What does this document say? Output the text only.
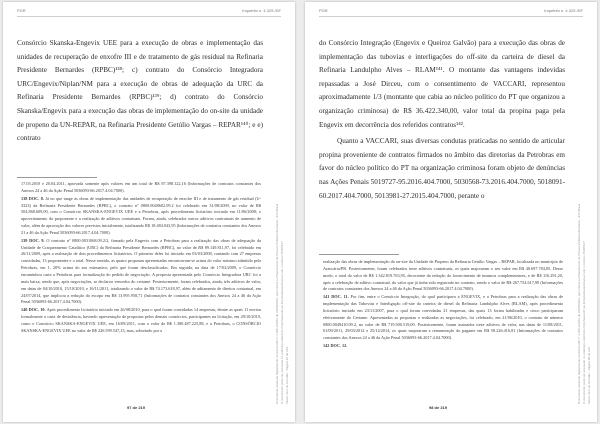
PGR	Inquérito n. 4.325 /DF

Consórcio Skanska-Engevix UEE para a execução de obras e implementação das unidades de recuperação de enxofre III e de tratamento de gás residual na Refinaria Presidente Bernardes (RPBC)¹³⁸; c) contrato do Consórcio Integradora URC/Engevix/Niplan/NM para a execução de obras de adequação da URC da Refinaria Presidente Bernardes (RPBC)¹³⁹; d) contrato do Consórcio Skanska/Engevix para a execução das obras de implementação do on-site da unidade de propeno da UN-REPAR, na Refinaria Presidente Getúlio Vargas – REPAR¹⁴⁰; e e) contrato

17.03.2010 e 20.04.2011, aprovada somente após valores em um total de R$ 87.398.122,16 (Informações de contratos constantes dos Anexos 24 a 46 da Ação Penal 5036093-66.2017.4.04.7000).

138 DOC. 8. Já no que tange às obras de implementação das unidades de recuperação de enxofre III e de tratamento de gás residual (U-3323) da Refinaria Presidente Bernardes (RPBC), o contrato nº 0800.0048602.09.2 foi celebrado em 31/08/2009, no valor de R$ 504.868.609,00, com o Consórcio SKANSKA-ENGEVIX UEE e a Petrobras, após procedimento licitatório iniciado em 11/06/2008; o aproveitamento do proponente e a realização de aditivos contratuais. Foram, ainda, celebrados outros aditivos contratuais de aumento de valor, além de aprovação dos valores previstos inicialmente, totalizando R$ 18.484.043,95 (Informações de contratos constantes dos Anexos 21 a 46 da Ação Penal 5036093-66.2017.4.04.7000).

139 DOC. 9. O contrato nº 0800.0031068.09.2/2, firmado pela Engevix com a Petrobras para a realização das obras de adequação da Unidade de Craqueamento Catalítico (URC) da Refinaria Presidente Bernardes (RPBC), no valor de R$ 89.149.811,97, foi celebrado em 26/11/2009, após a realização de dois procedimentos licitatórios. O primeiro deles foi iniciado em 03/03/2008, contando com 27 empresas convidadas, 13 proponentes e o total. Nesse sentido, as quatro propostas apresentadas encontravam-se acima do valor máximo admitido pela Petrobras, em 1, 20% acima do seu estimativo, pelo que foram desclassificadas. Em seguida, na data de 17/02/2009, o Consórcio encaminhou carta a Petrobras para formalização do pedido de negociação. A proposta apresentada pelo Consórcio Integradora URC foi a mais baixa, sendo que, após negociações, se declarou vencedor do certame. Posteriormente, foram celebrados, ainda, três aditivos de valor, em datas de 04/10/2010, 15/10/2010, e 16/11/2011, totalizando o valor de R$ 74.173.618,97, além de aditamento de direitos contratual, em 24/07/2014, que implicou a redução do escopo em R$ 13.995.958,71 (Informações de contratos constantes dos Anexos 24 a 46 da Ação Penal 5036093-66.2017.4.04.7000).

140 DOC. 10. Após procedimento licitatório iniciado em 26/08/2010, para o qual foram convidadas 14 empresas, dentre as quais 11 enviou formalmente a carta de desistência, havendo apresentação de propostas pelos demais consórcios, participantes na licitação, em 29/10/2010, como o Consórcio SKANSKA-ENGEVIX UEE, em 16/09/2011, com o valor de R$ 1.380.487.225,88, e a Petrobras, o CONSÓRCIO SKANSKA-ENGEVIX UEE no valor de R$ 226.599.547,13, mas, sobretudo por a

97 de 219
Documento assinado digitalmente conforme MP n° 2.200-2/2001 de 24/08/2001, que institui a Infraestrutura de Chaves Públicas Brasileira - ICP-Brasil O documento pode ser acessado no endereço eletrônico http://www.stf.jus.br/portal/autenticacao/ sob o número 15305447 Inteiro Teor do Acórdão - Página 97 de 219
PGR	Inquérito n. 4.325 /DF

do Consórcio Integração (Engevix e Queiroz Galvão) para a execução das obras de implementação das tubovias e interligações do off-site da carteira de diesel da Refinaria Landulpho Alves – RLAM¹⁴¹. O montante das vantagens indevidas repassadas a José Dirceu, com o consentimento de VACCARI, representou aproximadamente 1/3 (montante que cabia ao núcleo político do PT que organizou a organização criminosa) de R$ 36.422.340,00, valor total da propina paga pela Engevix em decorrência dos referidos contratos¹⁴².

Quanto a VACCARI, suas diversas condutas praticadas no sentido de articular propina proveniente de contratos firmados no âmbito das diretorias da Petrobras em favor do núcleo político do PT na organização criminosa foram objeto de denúncias nas Ações Penais 5019727-95.2016.404.7000, 5030568-73.2016.404.7000, 5018091-60.2017.404.7000, 5013981-27.2015.404.7000, perante o

realização das obras de implementação do on-site da Unidade de Propeno da Refinaria Getúlio Vargas – REPAR, localizada no município de Araucária/PR. Posteriormente, foram celebrados treze aditivos contratuais, os quais majoraram o seu valor em R$ 40.697.784,85. Desse modo, o total do valor de R$ 1.342.819.763,95, decorrente da redução do fornecimento de insumos complementares, e de R$ 116.291,20, após a celebração de aditivo contratual, do valor que já tinha sido registrado no contrato, sendo o valor de R$ 267.754.617,90 (Informações de contratos constantes dos Anexos 24 a 46 da Ação Penal 5036093-66.2017.4.04.7000).

141 DOC. 11. Por fim, entre o Consórcio Integração, do qual participava a ENGEVIX, e a Petrobras para a realização das obras de implementação das Tubovias e Interligação off-site da carteira de diesel da Refinaria Landulpho Alves (RLAM), após procedimento licitatório iniciado em 23/11/2007, para o qual foram convidadas 21 empresas, das quais 13 foram habilitadas e cinco participaram efetivamente do Certame. Apresentadas as propostas e realizadas as negociações, foi celebrado, em 21/06/2010, o contrato de número 0800.0049410.09.2, no valor de R$ 719.500.519,00. Posteriormente, foram assinados treze aditivos de valor, nas datas de 11/08/2011, 01/09/2011, 29/03/2012 e 25/12/2014, os quais majoraram a remuneração do pagante em R$ 58.226.416,81 (Informações de contratos constantes dos Anexos 24 a 46 da Ação Penal 5036093-66.2017.4.04.7000).

142 DOC. 12.

98 de 219
Documento assinado digitalmente conforme MP n° 2.200-2/2001 de 24/08/2001, que institui a Infraestrutura de Chaves Públicas Brasileira - ICP-Brasil O documento pode ser acessado no endereço eletrônico http://www.stf.jus.br/portal/autenticacao/ sob o número 15305447 Inteiro Teor do Acórdão - Página 98 de 219
